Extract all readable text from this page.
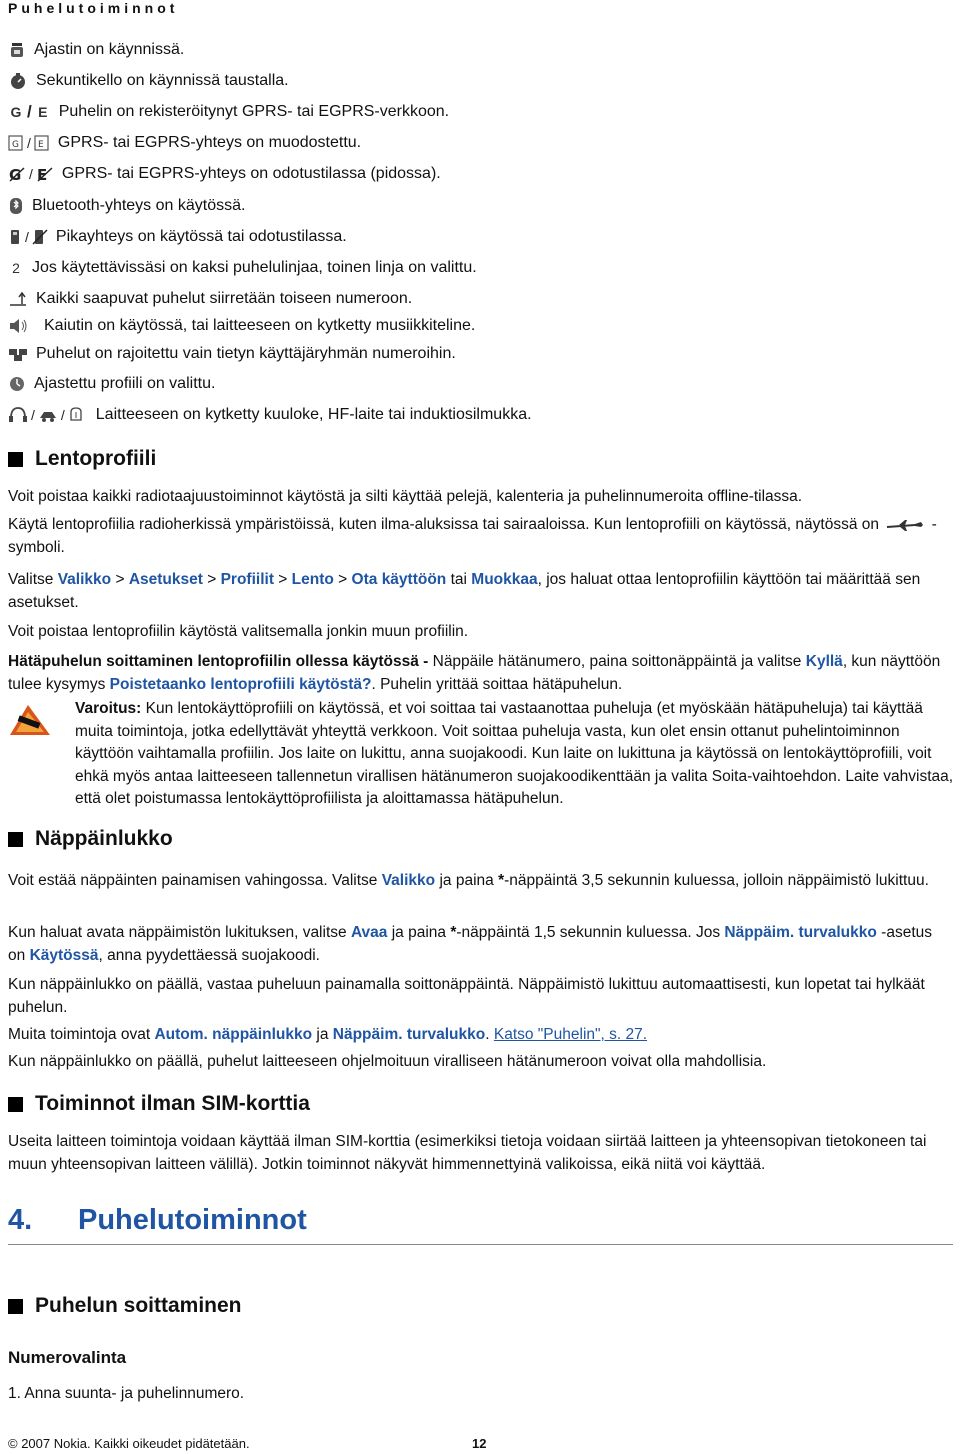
Puhelutoiminnot
Ajastin on käynnissä.
Sekuntikello on käynnissä taustalla.
G / E Puhelin on rekisteröitynyt GPRS- tai EGPRS-verkkoon.
G / E GPRS- tai EGPRS-yhteys on muodostettu.
G / E GPRS- tai EGPRS-yhteys on odotustilassa (pidossa).
Bluetooth-yhteys on käytössä.
/ Pikayhteys on käytössä tai odotustilassa.
2 Jos käytettävissäsi on kaksi puhelulinjaa, toinen linja on valittu.
Kaikki saapuvat puhelut siirretään toiseen numeroon.
Kaiutin on käytössä, tai laitteeseen on kytketty musiikkiteline.
Puhelut on rajoitettu vain tietyn käyttäjäryhmän numeroihin.
Ajastettu profiili on valittu.
/ / Laitteeseen on kytketty kuuloke, HF-laite tai induktiosilmukka.
Lentoprofiili
Voit poistaa kaikki radiotaajuustoiminnot käytöstä ja silti käyttää pelejä, kalenteria ja puhelinnumeroita offline-tilassa.
Käytä lentoprofiilia radioherkissä ympäristöissä, kuten ilma-aluksissa tai sairaaloissa. Kun lentoprofiili on käytössä, näytössä on	-symboli.
Valitse Valikko > Asetukset > Profiilit > Lento > Ota käyttöön tai Muokkaa, jos haluat ottaa lentoprofiilin käyttöön tai määrittää sen asetukset.
Voit poistaa lentoprofiilin käytöstä valitsemalla jonkin muun profiilin.
Hätäpuhelun soittaminen lentoprofiilin ollessa käytössä - Näppäile hätänumero, paina soittonäppäintä ja valitse Kyllä, kun näyttöön tulee kysymys Poistetaanko lentoprofiili käytöstä?. Puhelin yrittää soittaa hätäpuhelun.
Varoitus: Kun lentokäyttöprofiili on käytössä, et voi soittaa tai vastaanottaa puheluja (et myöskään hätäpuheluja) tai käyttää muita toimintoja, jotka edellyttävät yhteyttä verkkoon. Voit soittaa puheluja vasta, kun olet ensin ottanut puhelintoiminnon käyttöön vaihtamalla profiilin. Jos laite on lukittu, anna suojakoodi. Kun laite on lukittuna ja käytössä on lentokäyttöprofiili, voit ehkä myös antaa laitteeseen tallennetun virallisen hätänumeron suojakoodikenttään ja valita Soita-vaihtoehdon. Laite vahvistaa, että olet poistumassa lentokäyttöprofiilista ja aloittamassa hätäpuhelun.
Näppäinlukko
Voit estää näppäinten painamisen vahingossa. Valitse Valikko ja paina *-näppäintä 3,5 sekunnin kuluessa, jolloin näppäimistö lukittuu.
Kun haluat avata näppäimistön lukituksen, valitse Avaa ja paina *-näppäintä 1,5 sekunnin kuluessa. Jos Näppäim. turvalukko -asetus on Käytössä, anna pyydettäessä suojakoodi.
Kun näppäinlukko on päällä, vastaa puheluun painamalla soittonäppäintä. Näppäimistö lukittuu automaattisesti, kun lopetat tai hylkäät puhelun.
Muita toimintoja ovat Autom. näppäinlukko ja Näppäim. turvalukko. Katso "Puhelin", s. 27.
Kun näppäinlukko on päällä, puhelut laitteeseen ohjelmoituun viralliseen hätänumeroon voivat olla mahdollisia.
Toiminnot ilman SIM-korttia
Useita laitteen toimintoja voidaan käyttää ilman SIM-korttia (esimerkiksi tietoja voidaan siirtää laitteen ja yhteensopivan tietokoneen tai muun yhteensopivan laitteen välillä). Jotkin toiminnot näkyvät himmennettyinä valikoissa, eikä niitä voi käyttää.
4. Puhelutoiminnot
Puhelun soittaminen
Numerovalinta
1. Anna suunta- ja puhelinnumero.
© 2007 Nokia. Kaikki oikeudet pidätetään.	12
